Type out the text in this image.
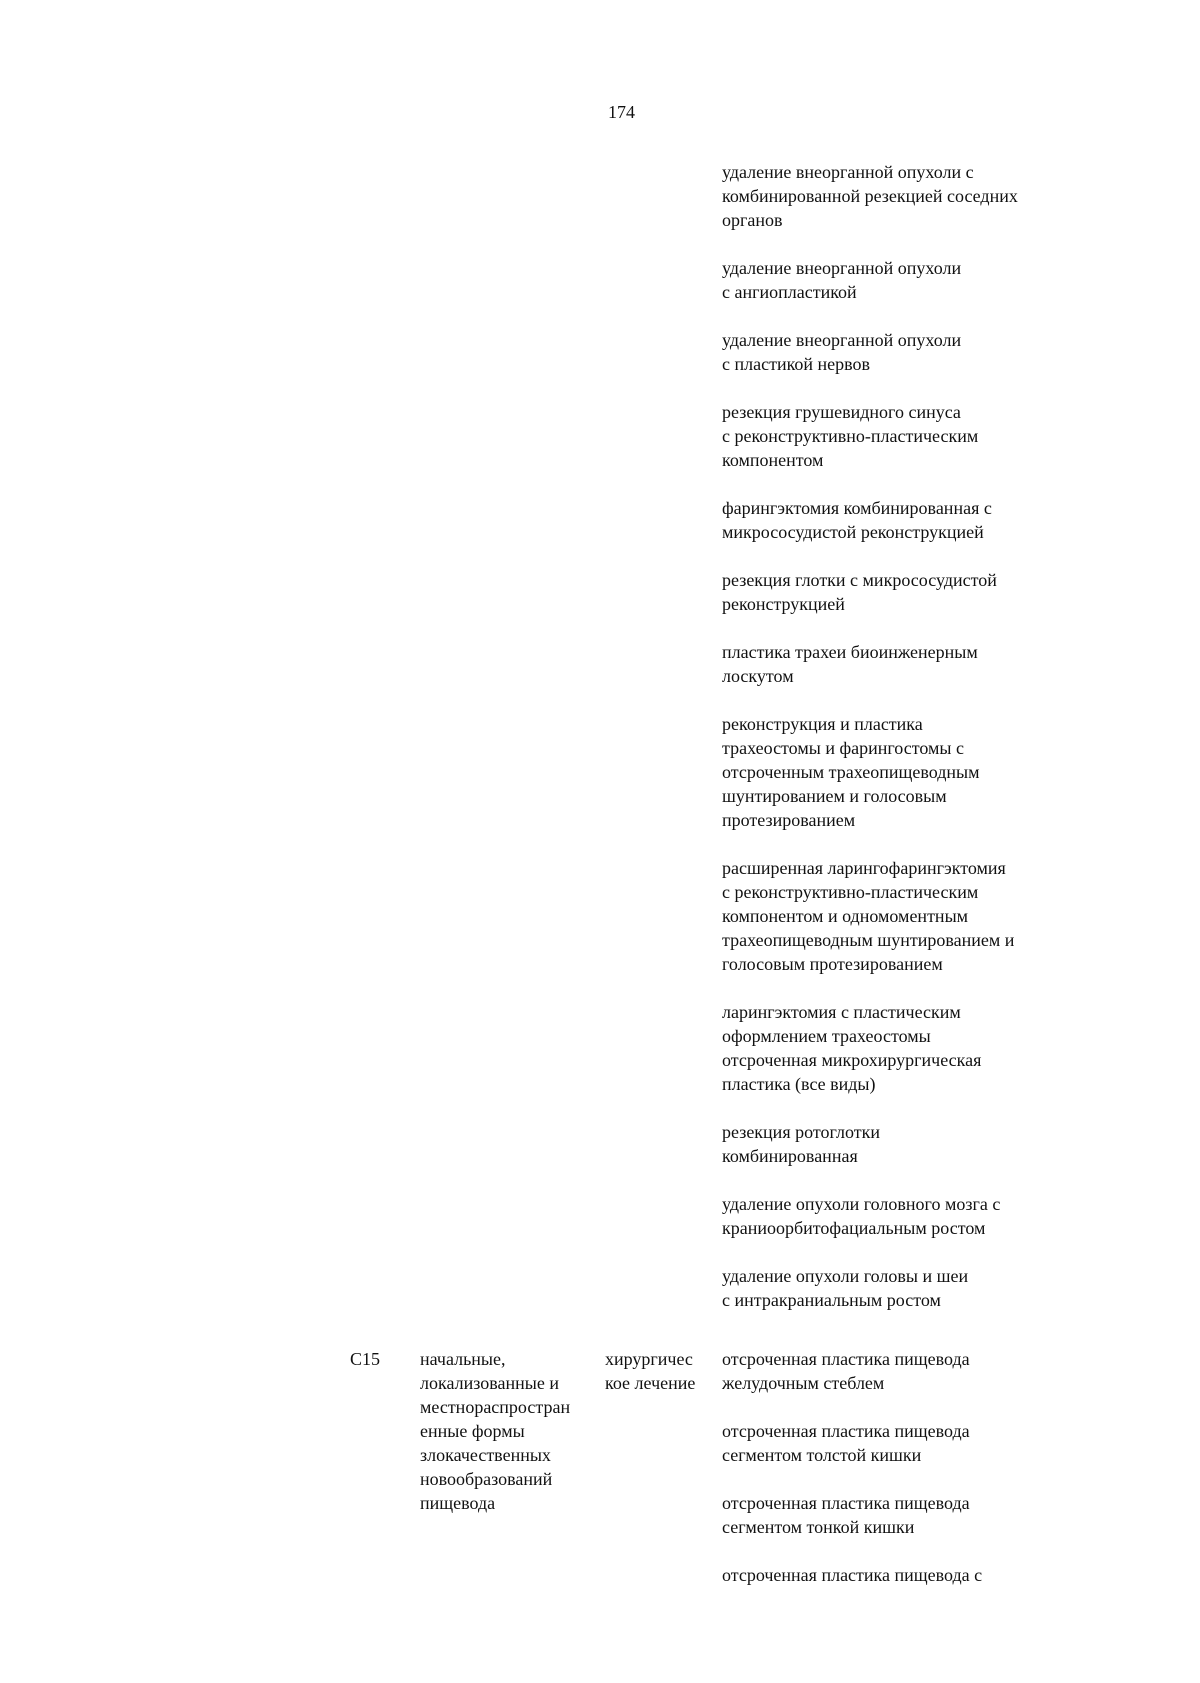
174

удаление внеорганной опухоли с
комбинированной резекцией соседних
органов

удаление внеорганной опухоли
с ангиопластикой

удаление внеорганной опухоли
с пластикой нервов

резекция грушевидного синуса
с реконструктивно-пластическим
компонентом

фарингэктомия комбинированная с
микрососудистой реконструкцией

резекция глотки с микрососудистой
реконструкцией

пластика трахеи биоинженерным
лоскутом

реконструкция и пластика
трахеостомы и фарингостомы с
отсроченным трахеопищеводным
шунтированием и голосовым
протезированием

расширенная ларингофарингэктомия
с реконструктивно-пластическим
компонентом и одномоментным
трахеопищеводным шунтированием и
голосовым протезированием

ларингэктомия с пластическим
оформлением трахеостомы
отсроченная микрохирургическая
пластика (все виды)

резекция ротоглотки
комбинированная

удаление опухоли головного мозга с
краниоорбитофациальным ростом

удаление опухоли головы и шеи
с интракраниальным ростом

C15	начальные,
локализованные и
местнораспростран
енные формы
злокачественных
новообразований
пищевода
хирургичес
кое лечение

отсроченная пластика пищевода
желудочным стеблем

отсроченная пластика пищевода
сегментом толстой кишки

отсроченная пластика пищевода
сегментом тонкой кишки

отсроченная пластика пищевода с
